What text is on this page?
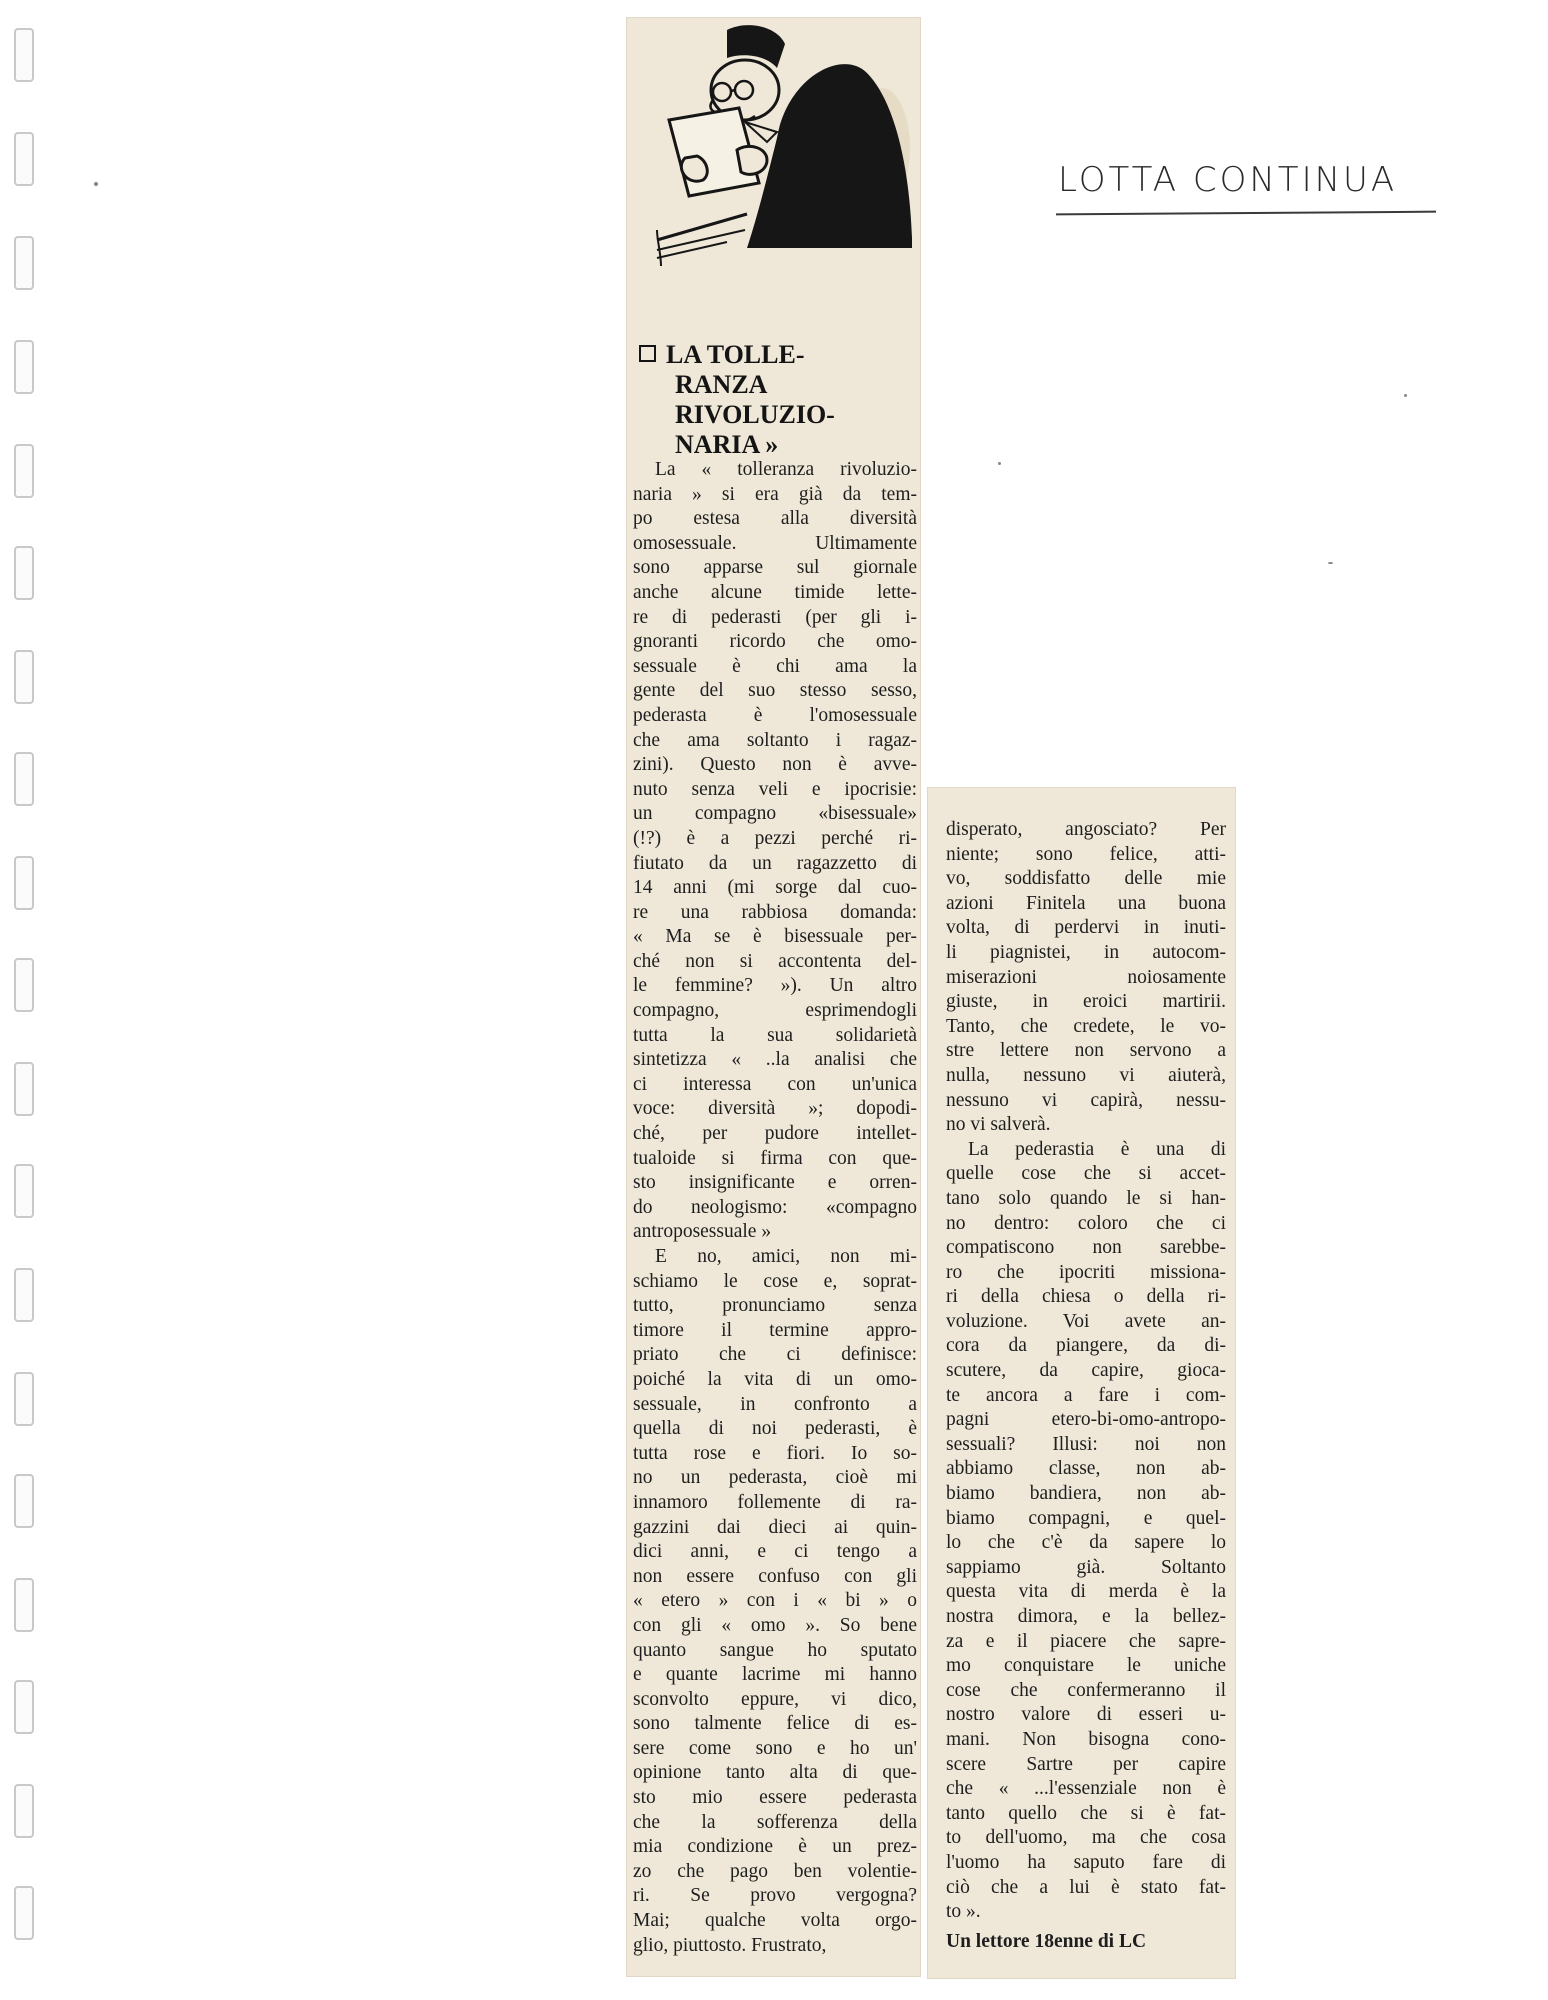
LOTTA CONTINUA
LA TOLLE-
RANZA
RIVOLUZIO-
NARIA »
La « tolleranza rivoluzio-
naria » si era già da tem-
po estesa alla diversità
omosessuale. Ultimamente
sono apparse sul giornale
anche alcune timide lette-
re di pederasti (per gli i-
gnoranti ricordo che omo-
sessuale è chi ama la
gente del suo stesso sesso,
pederasta è l'omosessuale
che ama soltanto i ragaz-
zini). Questo non è avve-
nuto senza veli e ipocrisie:
un compagno «bisessuale»
(!?) è a pezzi perché ri-
fiutato da un ragazzetto di
14 anni (mi sorge dal cuo-
re una rabbiosa domanda:
« Ma se è bisessuale per-
ché non si accontenta del-
le femmine? »). Un altro
compagno, esprimendogli
tutta la sua solidarietà
sintetizza « ..la analisi che
ci interessa con un'unica
voce: diversità »; dopodi-
ché, per pudore intellet-
tualoide si firma con que-
sto insignificante e orren-
do neologismo: «compagno
antroposessuale »
E no, amici, non mi-
schiamo le cose e, soprat-
tutto, pronunciamo senza
timore il termine appro-
priato che ci definisce:
poiché la vita di un omo-
sessuale, in confronto a
quella di noi pederasti, è
tutta rose e fiori. Io so-
no un pederasta, cioè mi
innamoro follemente di ra-
gazzini dai dieci ai quin-
dici anni, e ci tengo a
non essere confuso con gli
« etero » con i « bi » o
con gli « omo ». So bene
quanto sangue ho sputato
e quante lacrime mi hanno
sconvolto eppure, vi dico,
sono talmente felice di es-
sere come sono e ho un'
opinione tanto alta di que-
sto mio essere pederasta
che la sofferenza della
mia condizione è un prez-
zo che pago ben volentie-
ri. Se provo vergogna?
Mai; qualche volta orgo-
glio, piuttosto. Frustrato,
disperato, angosciato? Per
niente; sono felice, atti-
vo, soddisfatto delle mie
azioni Finitela una buona
volta, di perdervi in inuti-
li piagnistei, in autocom-
miserazioni noiosamente
giuste, in eroici martirii.
Tanto, che credete, le vo-
stre lettere non servono a
nulla, nessuno vi aiuterà,
nessuno vi capirà, nessu-
no vi salverà.
La pederastia è una di
quelle cose che si accet-
tano solo quando le si han-
no dentro: coloro che ci
compatiscono non sarebbe-
ro che ipocriti missiona-
ri della chiesa o della ri-
voluzione. Voi avete an-
cora da piangere, da di-
scutere, da capire, gioca-
te ancora a fare i com-
pagni etero-bi-omo-antropo-
sessuali? Illusi: noi non
abbiamo classe, non ab-
biamo bandiera, non ab-
biamo compagni, e quel-
lo che c'è da sapere lo
sappiamo già. Soltanto
questa vita di merda è la
nostra dimora, e la bellez-
za e il piacere che sapre-
mo conquistare le uniche
cose che confermeranno il
nostro valore di esseri u-
mani. Non bisogna cono-
scere Sartre per capire
che « ...l'essenziale non è
tanto quello che si è fat-
to dell'uomo, ma che cosa
l'uomo ha saputo fare di
ciò che a lui è stato fat-
to ».
Un lettore 18enne di LC
